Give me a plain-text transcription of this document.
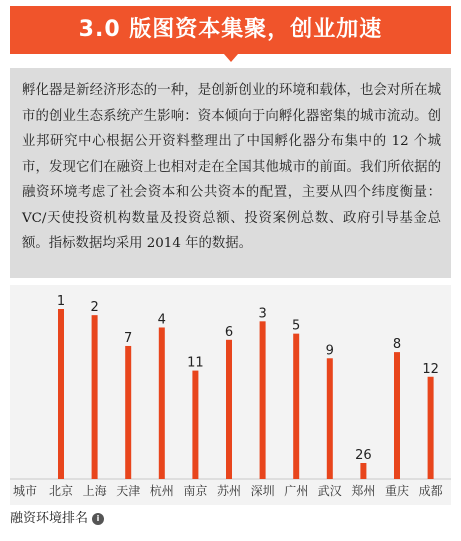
3.0 版图资本集聚，创业加速

孵化器是新经济形态的一种，是创新创业的环境和载体，也会对所在城市的创业生态系统产生影响：资本倾向于向孵化器密集的城市流动。创业邦研究中心根据公开资料整理出了中国孵化器分布集中的 12 个城市，发现它们在融资上也相对走在全国其他城市的前面。我们所依据的融资环境考虑了社会资本和公共资本的配置，主要从四个纬度衡量：VC/天使投资机构数量及投资总额、投资案例总数、政府引导基金总额。指标数据均采用 2014 年的数据。

城市
1
北京
2
上海
7
天津
4
杭州
11
南京
6
苏州
3
深圳
5
广州
9
武汉
26
郑州
8
重庆
12
成都
融资环境排名 i
